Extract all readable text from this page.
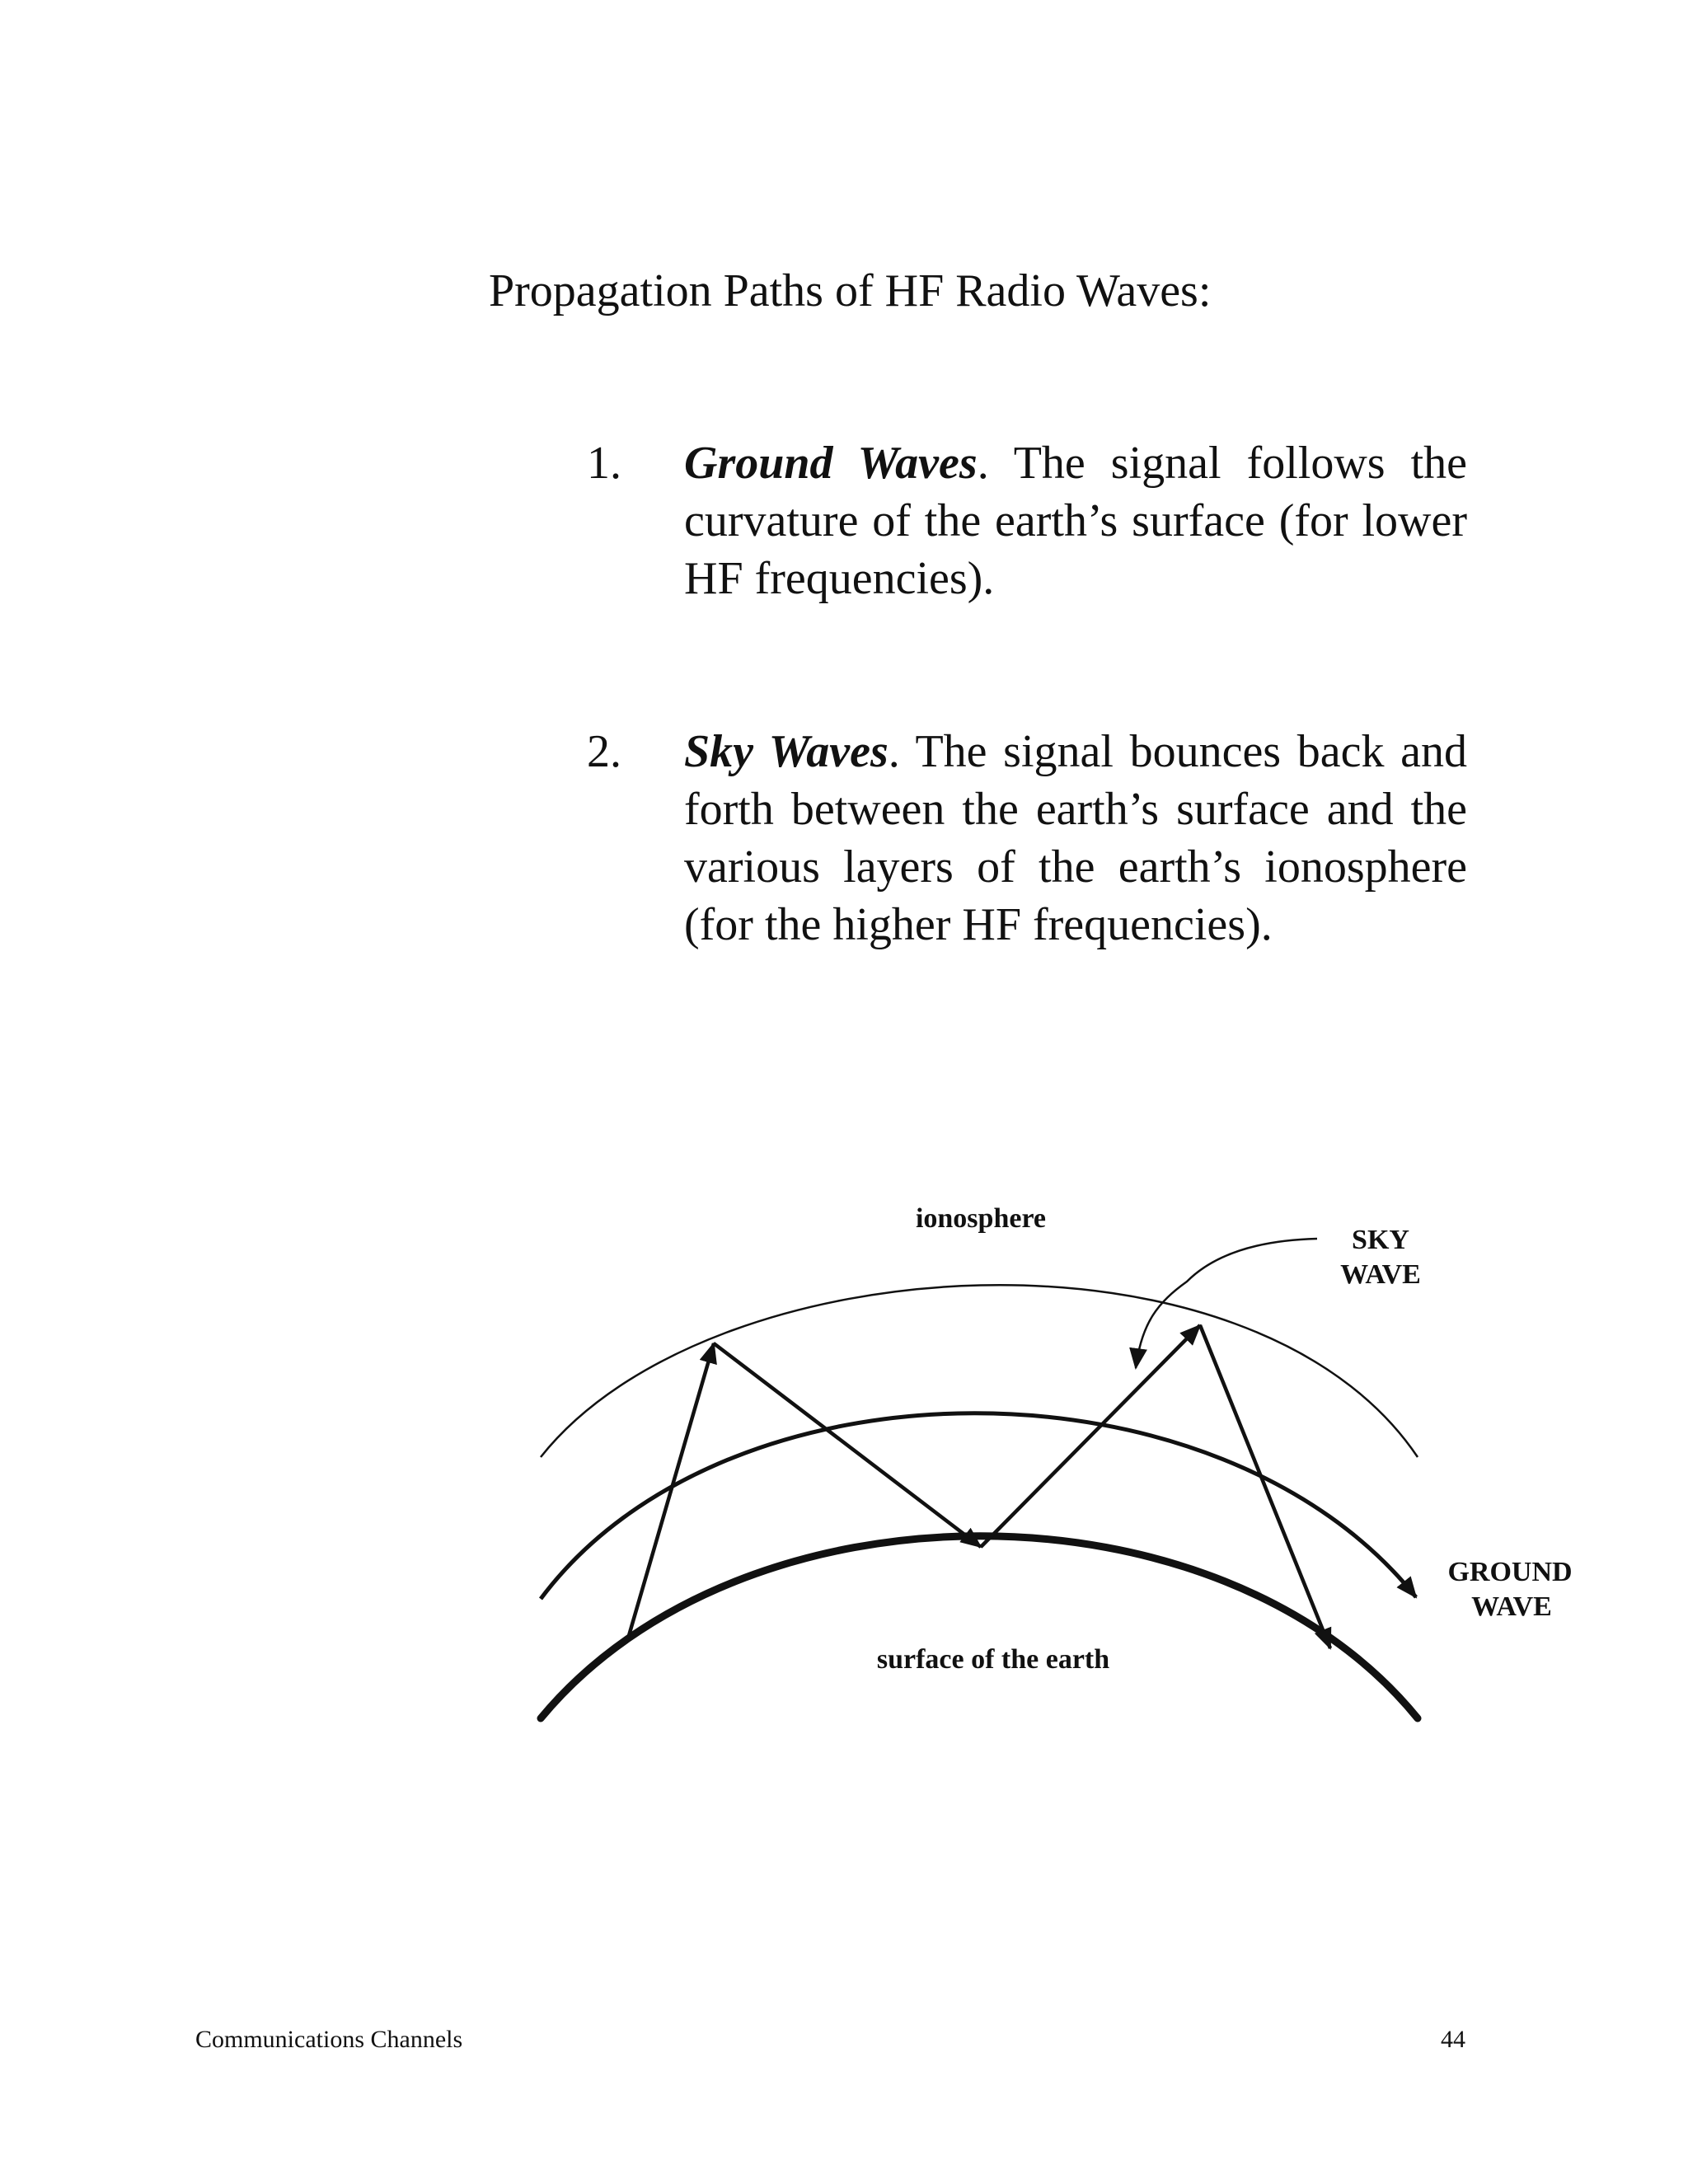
Propagation Paths of HF Radio Waves:
1. Ground Waves. The signal follows the curvature of the earth’s surface (for lower HF frequencies).
2. Sky Waves. The signal bounces back and forth between the earth’s surface and the various layers of the earth’s ionosphere (for the higher HF frequencies).
ionosphere
SKY
WAVE
GROUND
WAVE
surface of the earth
Communications Channels	44
